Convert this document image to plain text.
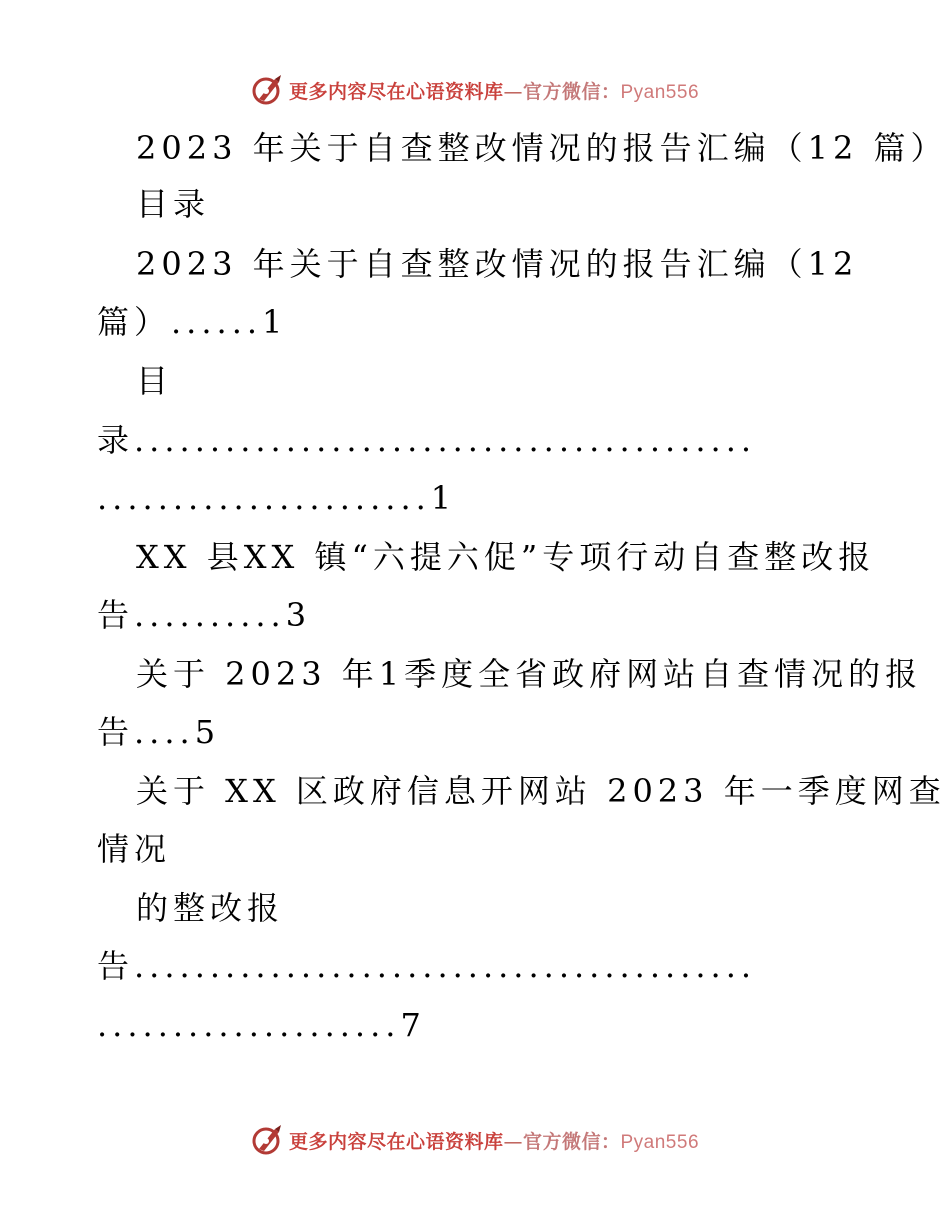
更多内容尽在心语资料库—官方微信：Pyan556
2023 年关于自查整改情况的报告汇编（12 篇）
目录
2023 年关于自查整改情况的报告汇编（12
篇）......1
目
录.........................................
......................1
XX 县XX 镇“六提六促”专项行动自查整改报
告..........3
关于 2023 年1季度全省政府网站自查情况的报
告....5
关于 XX 区政府信息开网站 2023 年一季度网查
情况
的整改报
告.........................................
....................7
更多内容尽在心语资料库—官方微信：Pyan556
